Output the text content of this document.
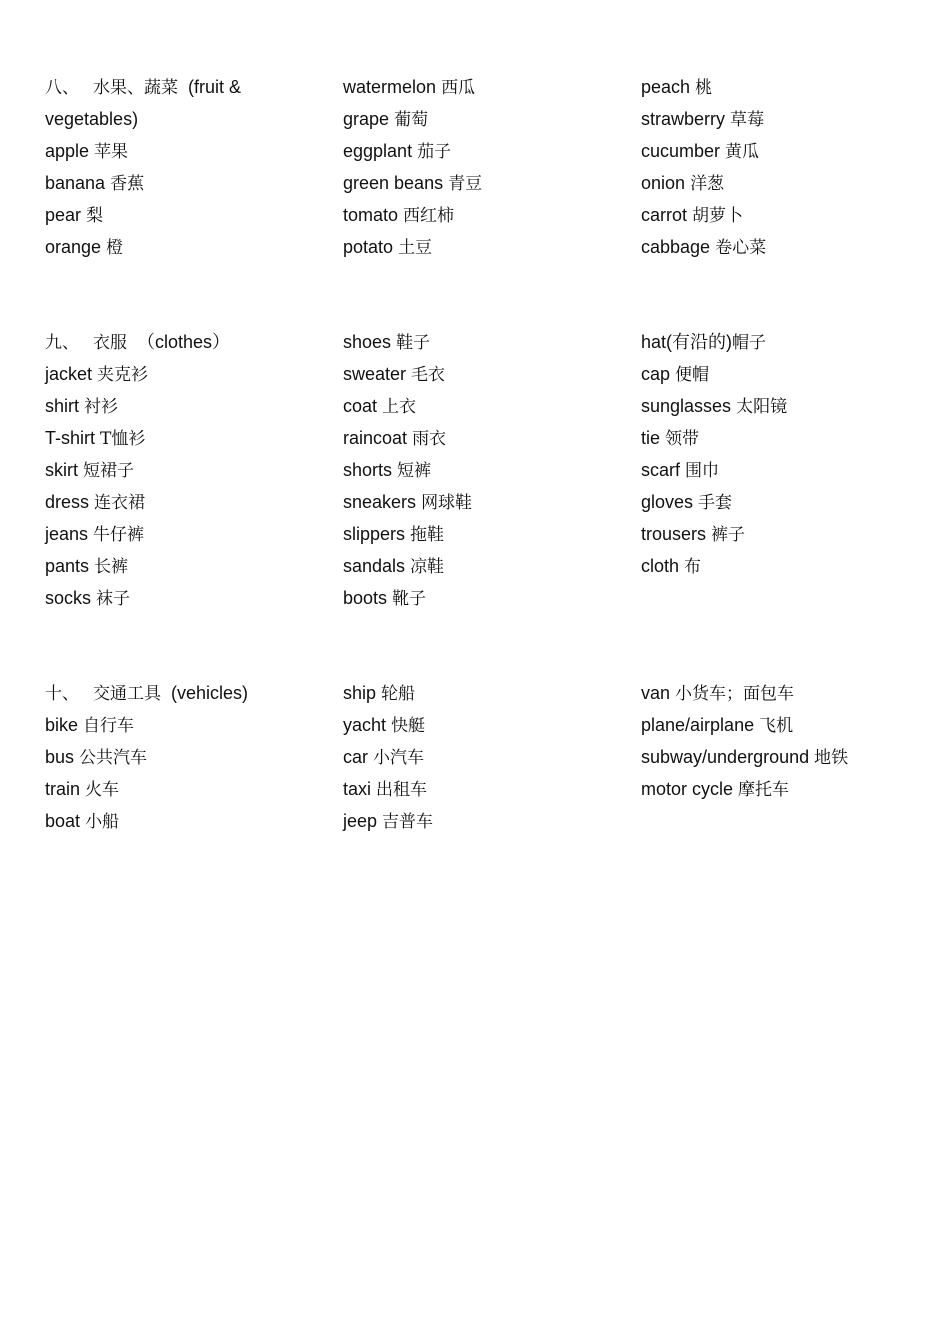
八、 水果、蔬菜 (fruit &
vegetables)
apple 苹果
banana 香蕉
pear 梨
orange 橙
watermelon 西瓜
grape 葡萄
eggplant 茄子
green beans 青豆
tomato 西红柿
potato 土豆
peach 桃
strawberry 草莓
cucumber 黄瓜
onion 洋葱
carrot 胡萝卜
cabbage 卷心菜
九、 衣服 （clothes）
jacket 夹克衫
shirt 衬衫
T-shirt T恤衫
skirt 短裙子
dress 连衣裙
jeans 牛仔裤
pants 长裤
socks 袜子
shoes 鞋子
sweater 毛衣
coat 上衣
raincoat 雨衣
shorts 短裤
sneakers 网球鞋
slippers 拖鞋
sandals 凉鞋
boots 靴子
hat(有沿的)帽子
cap 便帽
sunglasses 太阳镜
tie 领带
scarf 围巾
gloves 手套
trousers 裤子
cloth 布
十、 交通工具 (vehicles)
bike 自行车
bus 公共汽车
train 火车
boat 小船
ship 轮船
yacht 快艇
car 小汽车
taxi 出租车
jeep 吉普车
van 小货车；面包车
plane/airplane 飞机
subway/underground 地铁
motor cycle 摩托车
